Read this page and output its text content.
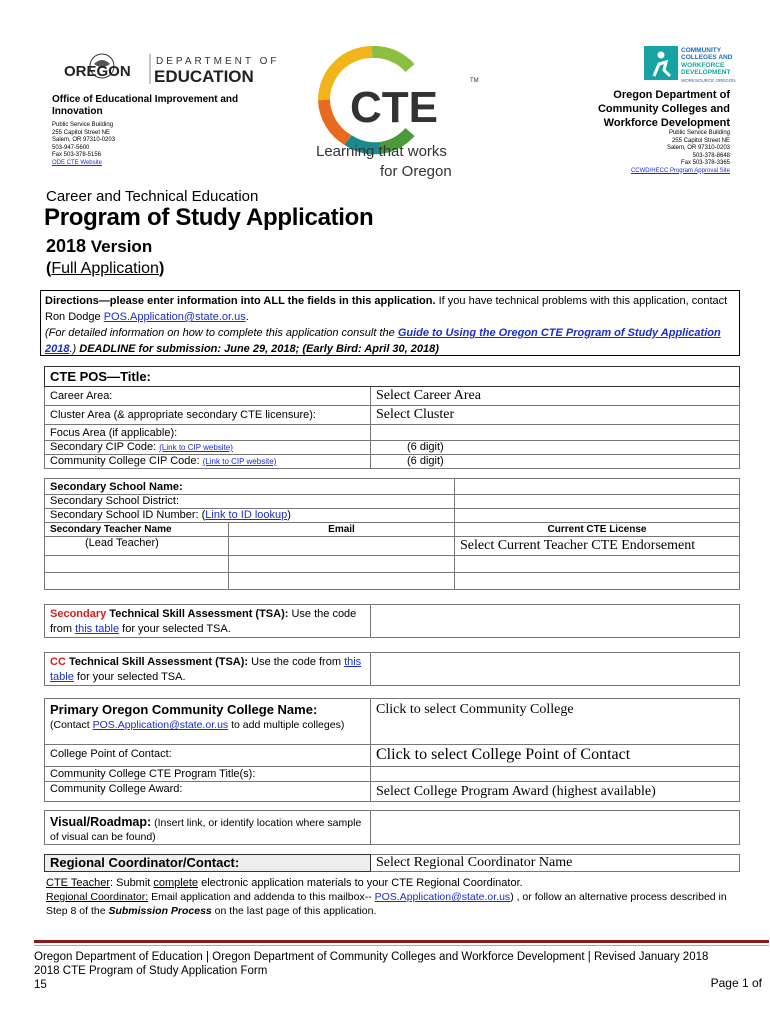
OREGON
DEPARTMENT OF
EDUCATION
Office of Educational Improvement and Innovation
Public Service Building
255 Capitol Street NE
Salem, OR 97310-0203
503-947-5600
Fax 503-378-5156
ODE CTE Website
CTE
TM
Learning that works
for Oregon
COMMUNITY
COLLEGES AND
WORKFORCE
DEVELOPMENT
WORKSOURCE OREGON
Oregon Department of
Community Colleges and
Workforce Development
Public Service Building
255 Capitol Street NE
Salem, OR 97310-0203
503-378-8648
Fax 503-378-3365
CCWD/HECC Program Approval Site
Career and Technical Education
Program of Study Application
2018 Version
(Full Application)
Directions—please enter information into ALL the fields in this application. If you have technical problems with this application, contact Ron Dodge POS.Application@state.or.us.
(For detailed information on how to complete this application consult the Guide to Using the Oregon CTE Program of Study Application 2018.) DEADLINE for submission: June 29, 2018; (Early Bird: April 30, 2018)
CTE POS—Title:	
Career Area:	Select Career Area
Cluster Area (& appropriate secondary CTE licensure):	Select Cluster
Focus Area (if applicable):	
Secondary CIP Code: (Link to CIP website)	(6 digit)
Community College CIP Code: (Link to CIP website)	(6 digit)
Secondary School Name:		
Secondary School District:		
Secondary School ID Number: (Link to ID lookup)		
Secondary Teacher Name	Email	Current CTE License
(Lead Teacher)		Select Current Teacher CTE Endorsement

Secondary Technical Skill Assessment (TSA): Use the code from this table for your selected TSA.	
CC Technical Skill Assessment (TSA): Use the code from this table for your selected TSA.	
Primary Oregon Community College Name:
(Contact POS.Application@state.or.us to add multiple colleges)	Click to select Community College
College Point of Contact:	Click to select College Point of Contact
Community College CTE Program Title(s):	
Community College Award:	Select College Program Award (highest available)
Visual/Roadmap: (Insert link, or identify location where sample of visual can be found)	
Regional Coordinator/Contact:	Select Regional Coordinator Name
CTE Teacher: Submit complete electronic application materials to your CTE Regional Coordinator.
Regional Coordinator: Email application and addenda to this mailbox-- POS.Application@state.or.us) , or follow an alternative process described in Step 8 of the Submission Process on the last page of this application.
Oregon Department of Education | Oregon Department of Community Colleges and Workforce Development | Revised January 2018
2018 CTE Program of Study Application Form
15	Page 1 of
